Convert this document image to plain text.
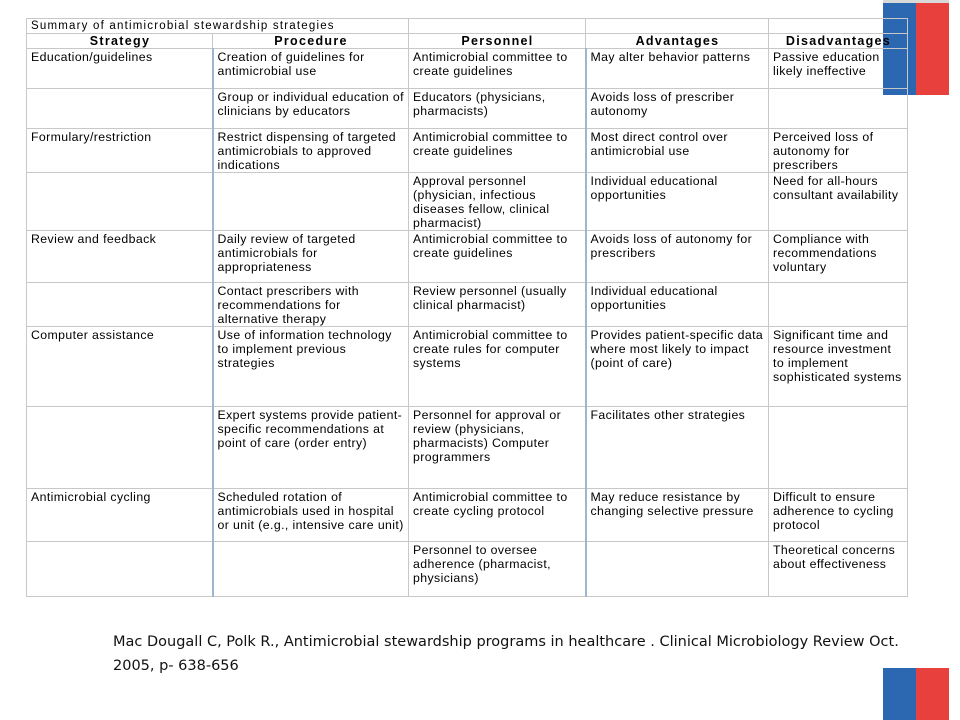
Summary of antimicrobial stewardship strategies				
Strategy	Procedure	Personnel	Advantages	Disadvantages

Education/guidelines	Creation of guidelines for antimicrobial use	Antimicrobial committee to create guidelines	May alter behavior patterns	Passive education likely ineffective

	Group or individual education of clinicians by educators	Educators (physicians, pharmacists)	Avoids loss of prescriber autonomy	

Formulary/restriction	Restrict dispensing of targeted antimicrobials to approved indications	Antimicrobial committee to create guidelines	Most direct control over antimicrobial use	Perceived loss of autonomy for prescribers

		Approval personnel (physician, infectious diseases fellow, clinical pharmacist)	Individual educational opportunities	Need for all-hours consultant availability

Review and feedback	Daily review of targeted antimicrobials for appropriateness	Antimicrobial committee to create guidelines	Avoids loss of autonomy for prescribers	Compliance with recommendations voluntary

	Contact prescribers with recommendations for alternative therapy	Review personnel (usually clinical pharmacist)	Individual educational opportunities	

Computer assistance	Use of information technology to implement previous strategies	Antimicrobial committee to create rules for computer systems	Provides patient-specific data where most likely to impact (point of care)	Significant time and resource investment to implement sophisticated systems

	Expert systems provide patient-specific recommendations at point of care (order entry)	Personnel for approval or review (physicians, pharmacists) Computer programmers	Facilitates other strategies	

Antimicrobial cycling	Scheduled rotation of antimicrobials used in hospital or unit (e.g., intensive care unit)	Antimicrobial committee to create cycling protocol	May reduce resistance by changing selective pressure	Difficult to ensure adherence to cycling protocol

		Personnel to oversee adherence (pharmacist, physicians)		Theoretical concerns about effectiveness
Mac Dougall C, Polk R., Antimicrobial stewardship programs in healthcare . Clinical Microbiology Review Oct. 2005, p- 638-656
